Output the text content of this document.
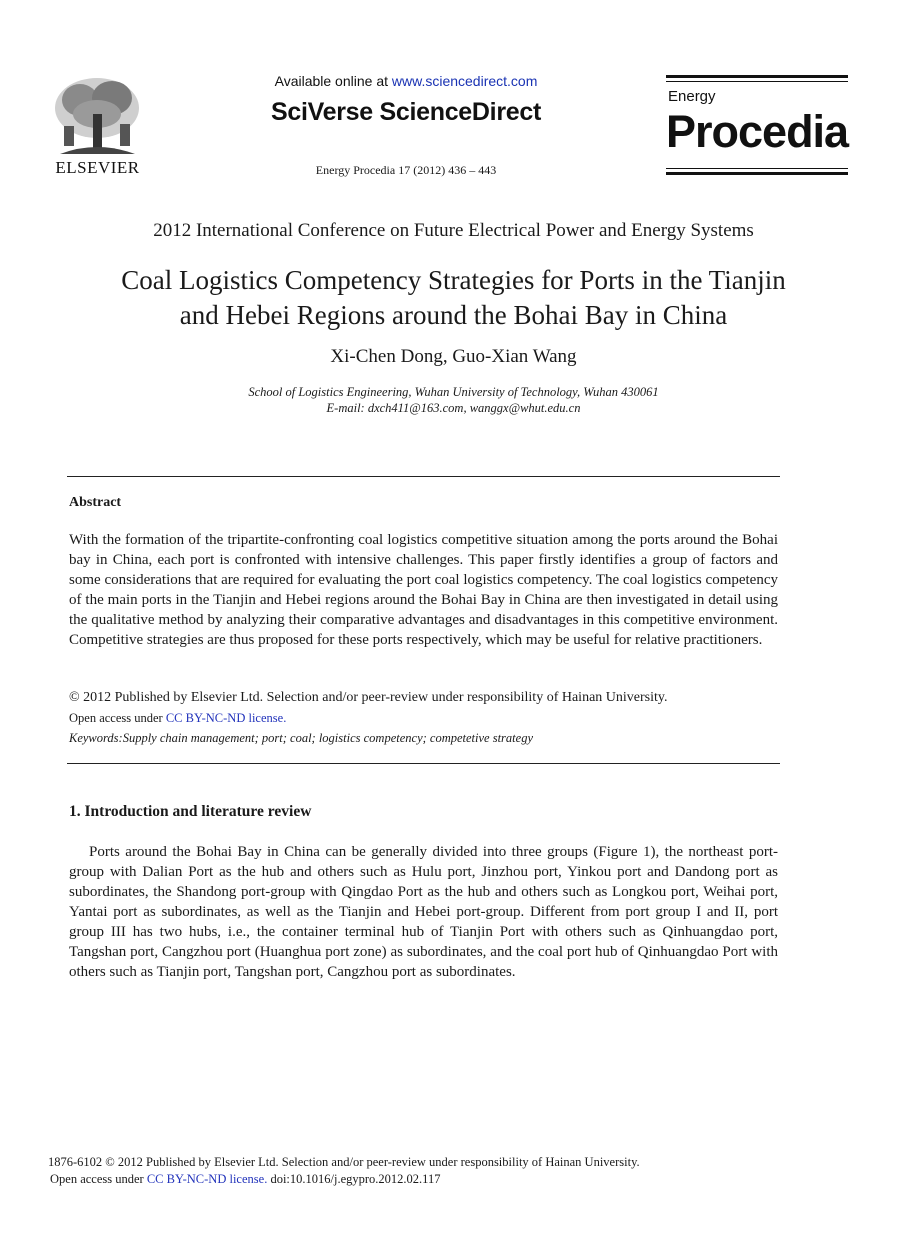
ELSEVIER
Available online at www.sciencedirect.com
SciVerse ScienceDirect
Energy Procedia 17 (2012) 436 – 443
Energy
Procedia
2012 International Conference on Future Electrical Power and Energy Systems
Coal Logistics Competency Strategies for Ports in the Tianjin
and Hebei Regions around the Bohai Bay in China
Xi-Chen Dong, Guo-Xian Wang
School of Logistics Engineering, Wuhan University of Technology, Wuhan 430061
E-mail: dxch411@163.com, wanggx@whut.edu.cn
Abstract
With the formation of the tripartite-confronting coal logistics competitive situation among the ports around the Bohai bay in China, each port is confronted with intensive challenges. This paper firstly identifies a group of factors and some considerations that are required for evaluating the port coal logistics competency. The coal logistics competency of the main ports in the Tianjin and Hebei regions around the Bohai Bay in China are then investigated in detail using the qualitative method by analyzing their comparative advantages and disadvantages in this competitive environment. Competitive strategies are thus proposed for these ports respectively, which may be useful for relative practitioners.
© 2012 Published by Elsevier Ltd. Selection and/or peer-review under responsibility of Hainan University.
Open access under CC BY-NC-ND license.
Keywords:Supply chain management; port; coal; logistics competency; competetive strategy
1. Introduction and literature review

Ports around the Bohai Bay in China can be generally divided into three groups (Figure 1), the northeast port-group with Dalian Port as the hub and others such as Hulu port, Jinzhou port, Yinkou port and Dandong port as subordinates, the Shandong port-group with Qingdao Port as the hub and others such as Longkou port, Weihai port, Yantai port as subordinates, as well as the Tianjin and Hebei port-group. Different from port group I and II, port group III has two hubs, i.e., the container terminal hub of Tianjin Port with others such as Qinhuangdao port, Tangshan port, Cangzhou port (Huanghua port zone) as subordinates, and the coal port hub of Qinhuangdao Port with others such as Tianjin port, Tangshan port, Cangzhou port as subordinates.

1876-6102 © 2012 Published by Elsevier Ltd. Selection and/or peer-review under responsibility of Hainan University.
Open access under CC BY-NC-ND license. doi:10.1016/j.egypro.2012.02.117
